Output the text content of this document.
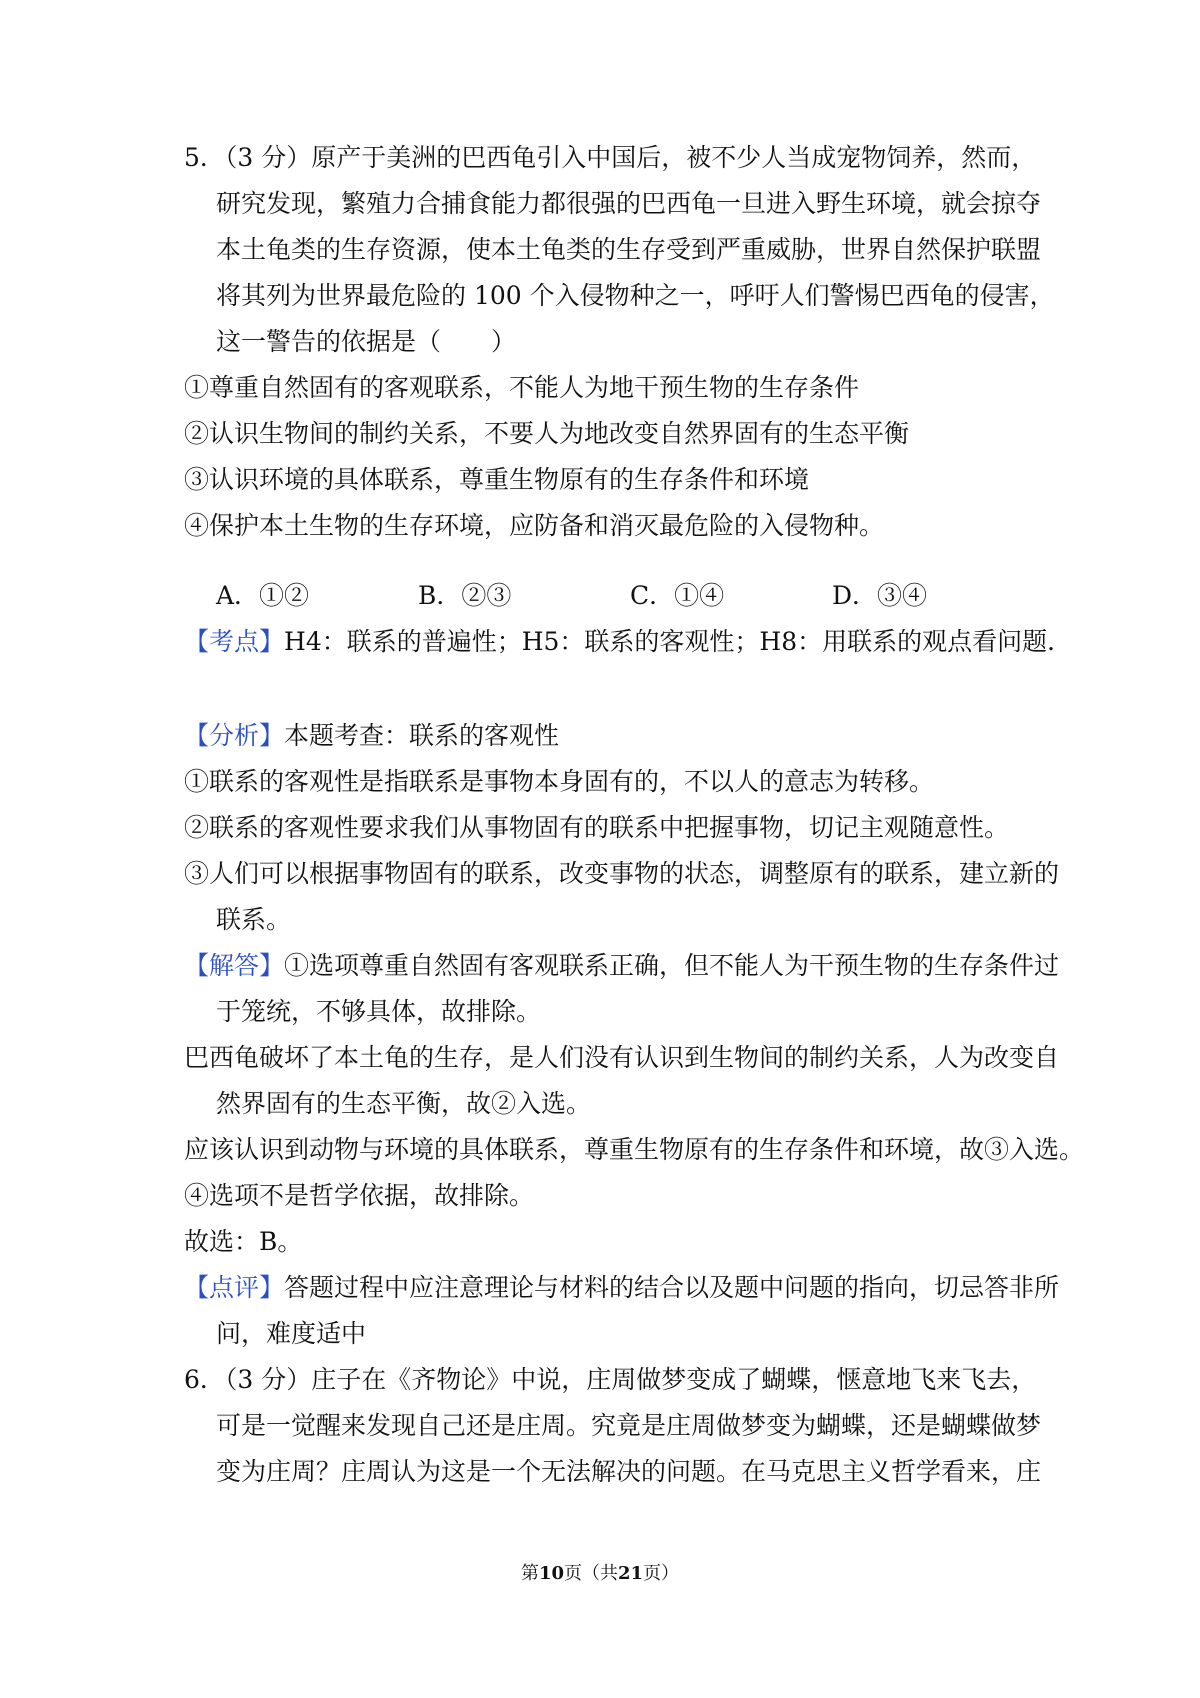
5．（3 分）原产于美洲的巴西龟引入中国后，被不少人当成宠物饲养，然而，
研究发现，繁殖力合捕食能力都很强的巴西龟一旦进入野生环境，就会掠夺
本土龟类的生存资源，使本土龟类的生存受到严重威胁，世界自然保护联盟
将其列为世界最危险的 100 个入侵物种之一，呼吁人们警惕巴西龟的侵害，
这一警告的依据是（　　）
①尊重自然固有的客观联系，不能人为地干预生物的生存条件
②认识生物间的制约关系，不要人为地改变自然界固有的生态平衡
③认识环境的具体联系，尊重生物原有的生存条件和环境
④保护本土生物的生存环境，应防备和消灭最危险的入侵物种。
A．①②	B．②③	C．①④	D．③④
【考点】H4：联系的普遍性；H5：联系的客观性；H8：用联系的观点看问题．
【分析】本题考查：联系的客观性
①联系的客观性是指联系是事物本身固有的，不以人的意志为转移。
②联系的客观性要求我们从事物固有的联系中把握事物，切记主观随意性。
③人们可以根据事物固有的联系，改变事物的状态，调整原有的联系，建立新的
联系。
【解答】①选项尊重自然固有客观联系正确，但不能人为干预生物的生存条件过
于笼统，不够具体，故排除。
巴西龟破坏了本土龟的生存，是人们没有认识到生物间的制约关系，人为改变自
然界固有的生态平衡，故②入选。
应该认识到动物与环境的具体联系，尊重生物原有的生存条件和环境，故③入选。
④选项不是哲学依据，故排除。
故选：B。
【点评】答题过程中应注意理论与材料的结合以及题中问题的指向，切忌答非所
问，难度适中
6．（3 分）庄子在《齐物论》中说，庄周做梦变成了蝴蝶，惬意地飞来飞去，
可是一觉醒来发现自己还是庄周。究竟是庄周做梦变为蝴蝶，还是蝴蝶做梦
变为庄周？庄周认为这是一个无法解决的问题。在马克思主义哲学看来，庄
第10页（共21页）
